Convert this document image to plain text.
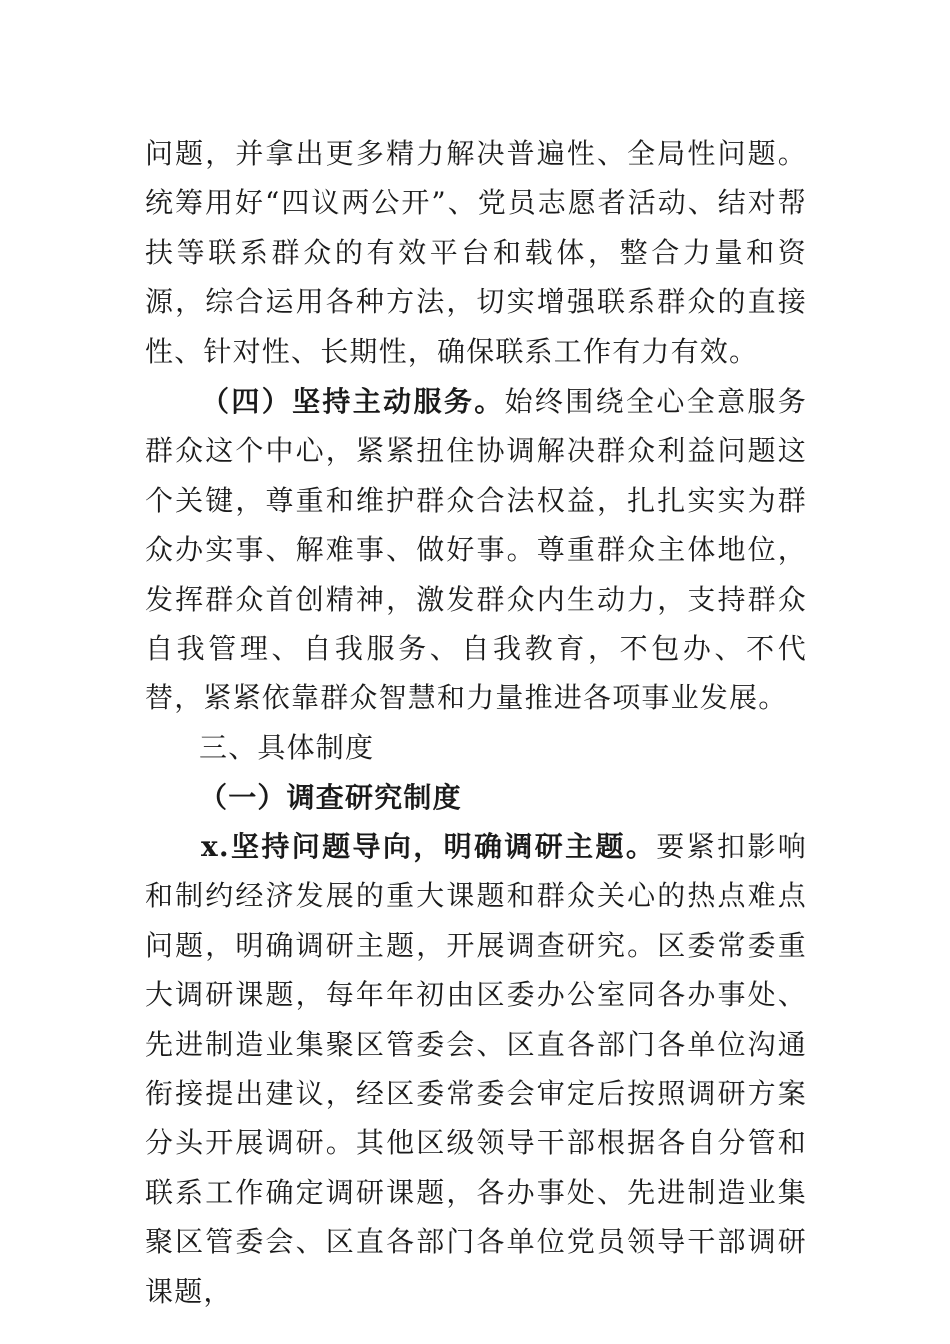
问题，并拿出更多精力解决普遍性、全局性问题。统筹用好“四议两公开”、党员志愿者活动、结对帮扶等联系群众的有效平台和载体，整合力量和资源，综合运用各种方法，切实增强联系群众的直接性、针对性、长期性，确保联系工作有力有效。

（四）坚持主动服务。始终围绕全心全意服务群众这个中心，紧紧扭住协调解决群众利益问题这个关键，尊重和维护群众合法权益，扎扎实实为群众办实事、解难事、做好事。尊重群众主体地位，发挥群众首创精神，激发群众内生动力，支持群众自我管理、自我服务、自我教育，不包办、不代替，紧紧依靠群众智慧和力量推进各项事业发展。

三、具体制度
（一）调查研究制度

x.坚持问题导向，明确调研主题。要紧扣影响和制约经济发展的重大课题和群众关心的热点难点问题，明确调研主题，开展调查研究。区委常委重大调研课题，每年年初由区委办公室同各办事处、先进制造业集聚区管委会、区直各部门各单位沟通衔接提出建议，经区委常委会审定后按照调研方案分头开展调研。其他区级领导干部根据各自分管和联系工作确定调研课题，各办事处、先进制造业集聚区管委会、区直各部门各单位党员领导干部调研课题，
